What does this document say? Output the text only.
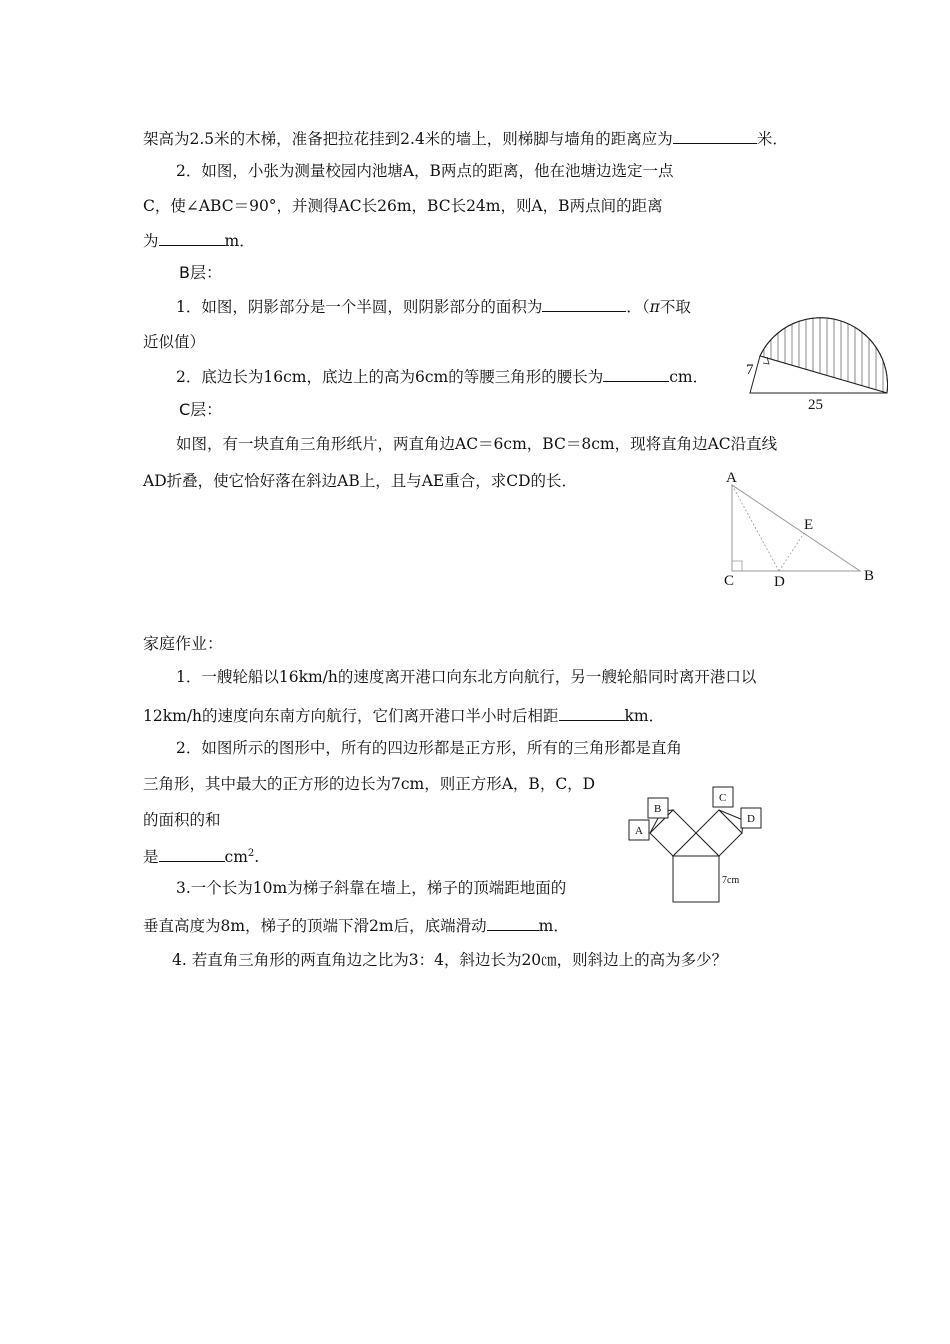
架高为2.5米的木梯，准备把拉花挂到2.4米的墙上，则梯脚与墙角的距离应为	米．
2．如图，小张为测量校园内池塘A，B两点的距离，他在池塘边选定一点
C，使∠ABC＝90°，并测得AC长26m，BC长24m，则A，B两点间的距离
为	m．
B层：
1．如图，阴影部分是一个半圆，则阴影部分的面积为	．（π不取
近似值）
2．底边长为16cm，底边上的高为6cm的等腰三角形的腰长为	cm．
C层：
如图，有一块直角三角形纸片，两直角边AC＝6cm，BC＝8cm，现将直角边AC沿直线
AD折叠，使它恰好落在斜边AB上，且与AE重合，求CD的长．
家庭作业：
1．一艘轮船以16km/h的速度离开港口向东北方向航行，另一艘轮船同时离开港口以
12km/h的速度向东南方向航行，它们离开港口半小时后相距	km．
2．如图所示的图形中，所有的四边形都是正方形，所有的三角形都是直角
三角形，其中最大的正方形的边长为7cm，则正方形A，B，C，D
的面积的和
是	$cm^2$.
3.一个长为10m为梯子斜靠在墙上，梯子的顶端距地面的
垂直高度为8m，梯子的顶端下滑2m后，底端滑动	m．
4. 若直角三角形的两直角边之比为3：4，斜边长为20㎝，则斜边上的高为多少？
7
25
A
E
C	D	B
A
B
C
D
7cm
